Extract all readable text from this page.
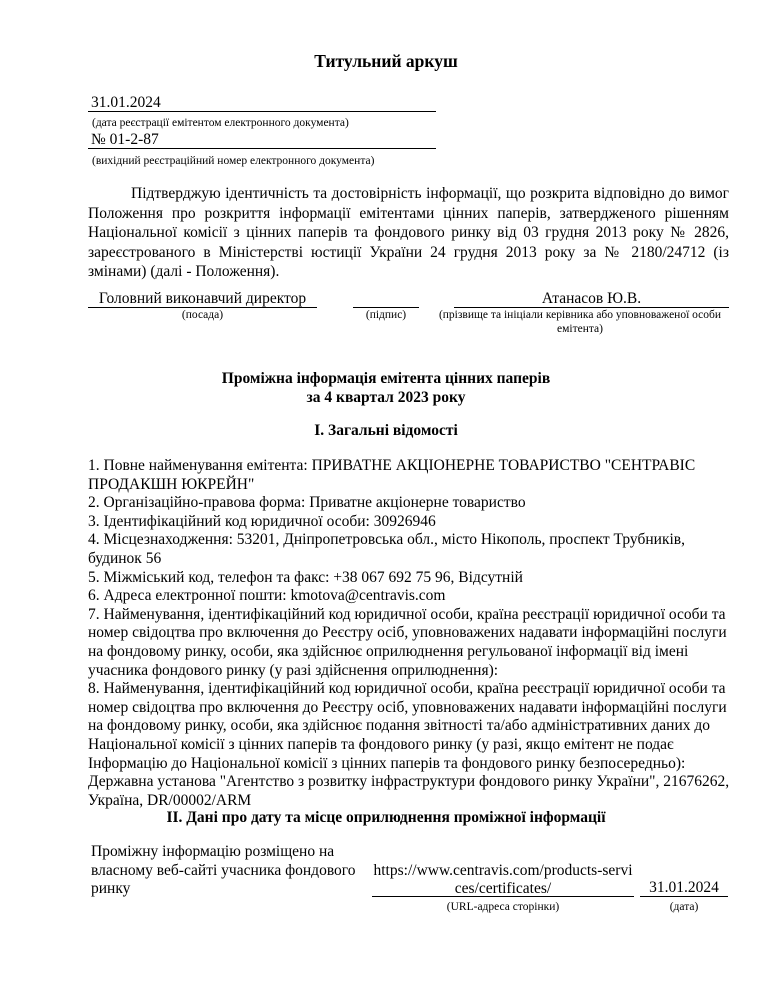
Титульний аркуш
31.01.2024
(дата реєстрації емітентом електронного документа)
№ 01-2-87
(вихідний реєстраційний номер електронного документа)
Підтверджую ідентичність та достовірність інформації, що розкрита відповідно до вимог Положення про розкриття інформації емітентами цінних паперів, затвердженого рішенням Національної комісії з цінних паперів та фондового ринку від 03 грудня 2013 року № 2826, зареєстрованого в Міністерстві юстиції України 24 грудня 2013 року за № 2180/24712 (із змінами) (далі - Положення).
Головний виконавчий директор
(посада)	(підпис)
Атанасов Ю.В.
(прізвище та ініціали керівника або уповноваженої особи емітента)
Проміжна інформація емітента цінних паперів
за 4 квартал 2023 року
I. Загальні відомості

1. Повне найменування емітента: ПРИВАТНЕ АКЦІОНЕРНЕ ТОВАРИСТВО "СЕНТРАВІС ПРОДАКШН ЮКРЕЙН"

2. Організаційно-правова форма: Приватне акціонерне товариство

3. Ідентифікаційний код юридичної особи: 30926946

4. Місцезнаходження: 53201, Дніпропетровська обл., місто Нікополь, проспект Трубників, будинок 56

5. Міжміський код, телефон та факс: +38 067 692 75 96, Відсутній

6. Адреса електронної пошти: kmotova@centravis.com

7. Найменування, ідентифікаційний код юридичної особи, країна реєстрації юридичної особи та номер свідоцтва про включення до Реєстру осіб, уповноважених надавати інформаційні послуги на фондовому ринку, особи, яка здійснює оприлюднення регульованої інформації від імені учасника фондового ринку (у разі здійснення оприлюднення):

8. Найменування, ідентифікаційний код юридичної особи, країна реєстрації юридичної особи та номер свідоцтва про включення до Реєстру осіб, уповноважених надавати інформаційні послуги на фондовому ринку, особи, яка здійснює подання звітності та/або адміністративних даних до Національної комісії з цінних паперів та фондового ринку (у разі, якщо емітент не подає Інформацію до Національної комісії з цінних паперів та фондового ринку безпосередньо): Державна установа "Агентство з розвитку інфраструктури фондового ринку України", 21676262, Україна, DR/00002/ARM

II. Дані про дату та місце оприлюднення проміжної інформації
Проміжну інформацію розміщено на власному веб-сайті учасника фондового ринку
https://www.centravis.com/products-services/certificates/
(URL-адреса сторінки)
31.01.2024
(дата)
